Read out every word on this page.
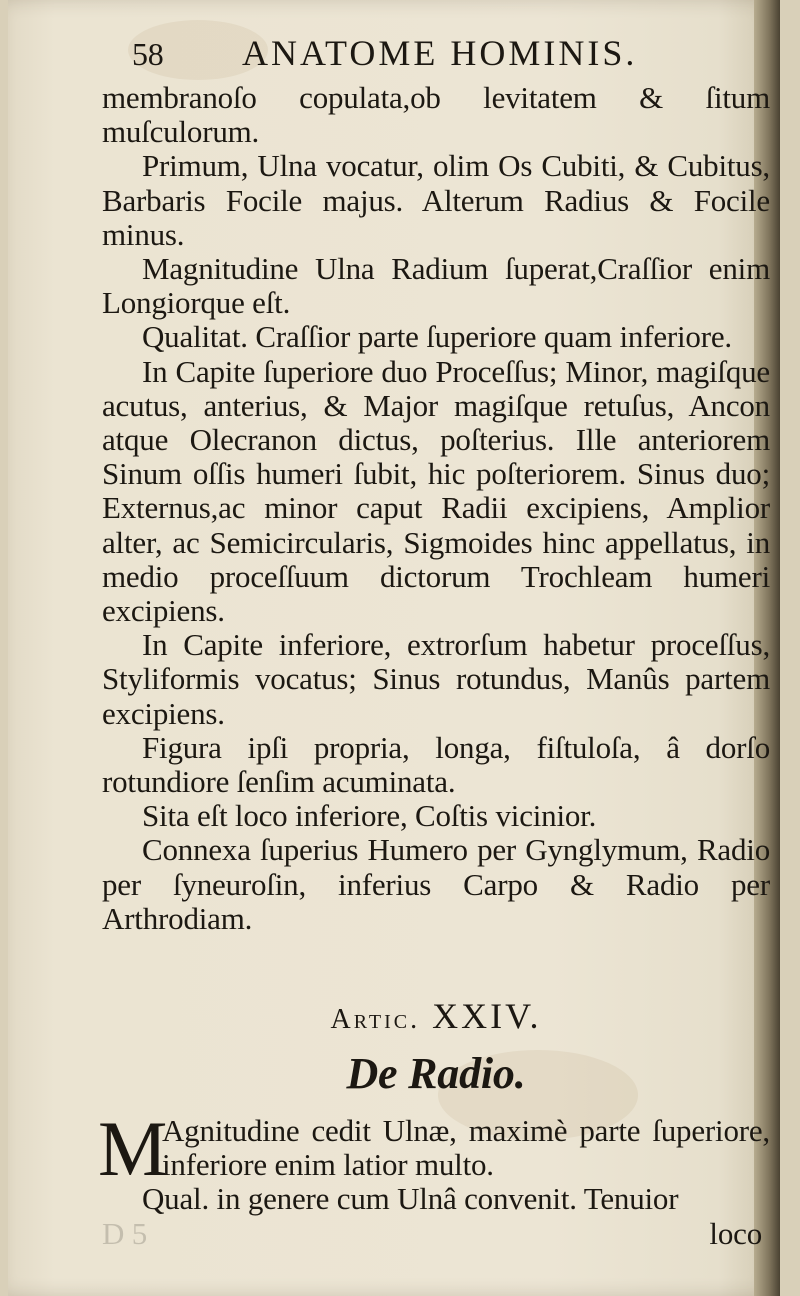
58	ANATOME HOMINIS.

membranoſo copulata,ob levitatem & ſitum muſculorum.

Primum, Ulna vocatur, olim Os Cubiti, & Cubitus, Barbaris Focile majus. Alterum Radius & Focile minus.

Magnitudine Ulna Radium ſuperat,Craſſior enim Longiorque eſt.

Qualitat. Craſſior parte ſuperiore quam inferiore.

In Capite ſuperiore duo Proceſſus; Minor, magiſque acutus, anterius, & Major magiſque retuſus, Ancon atque Olecranon dictus, poſterius. Ille anteriorem Sinum oſſis humeri ſubit, hic poſteriorem. Sinus duo; Externus,ac minor caput Radii excipiens, Amplior alter, ac Semicircularis, Sigmoides hinc appellatus, in medio proceſſuum dictorum Trochleam humeri excipiens.

In Capite inferiore, extrorſum habetur proceſſus, Styliformis vocatus; Sinus rotundus, Manûs partem excipiens.

Figura ipſi propria, longa, fiſtuloſa, â dorſo rotundiore ſenſim acuminata.

Sita eſt loco inferiore, Coſtis vicinior.

Connexa ſuperius Humero per Gynglymum, Radio per ſyneuroſin, inferius Carpo & Radio per Arthrodiam.

Artic. XXIV.
De Radio.

M
Agnitudine cedit Ulnæ, maximè parte ſuperiore, inferiore enim latior multo.

Qual. in genere cum Ulnâ convenit. Tenuior

D 5	loco
